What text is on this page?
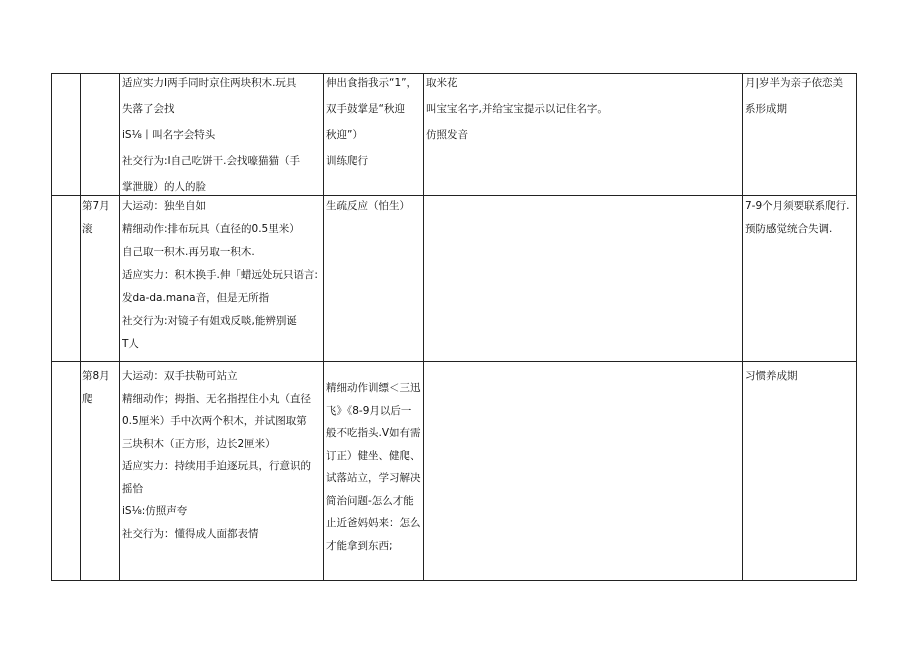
适应实力I两手同时京住两块积木.玩具
失落了会找
iS⅛丨叫名字会特头
社交行为:I自己吃饼干.会找嚎猫猫（手
掌泄胧）的人的脸
伸出食指我示“1”，
双手鼓掌是“秋迎
秋迎”）
训练爬行
取米花
叫宝宝名字,并给宝宝提示以记住名字。
仿照发音
月|岁半为亲子依恋美
系形成期
第7月
滚
大运动：独坐自如
精细动作:排布玩具（直径的0.5里米）
自己取一积木.再另取一积木.
适应实力：积木换手.伸「蜡远处玩只语言:
发da-da.mana音，但是无所指
社交行为:对镜子有姐戏反啖,能辨别诞
T人
生疏反应（怕生）	7-9个月须要联系爬行.
预防感觉统合失调.
第8月
爬
大运动：双手扶勒可站立
精细动作；拇指、无名指捏住小丸（直径
0.5厘米）手中次两个积木，并试图取第
三块积木（正方形，边长2匣米）
适应实力：持续用手迫逐玩具，行意识的
摇恰
iS⅛:仿照声夸
社交行为：懂得成人面都表情
精细动作训缥＜三迅
飞》《8-9月以后一
般不吃指头.V如有需
订正）健坐、健爬、
试落站立，学习解决
简治问题-怎么才能
止近爸妈妈来：怎么
才能拿到东西;
习惯养成期
